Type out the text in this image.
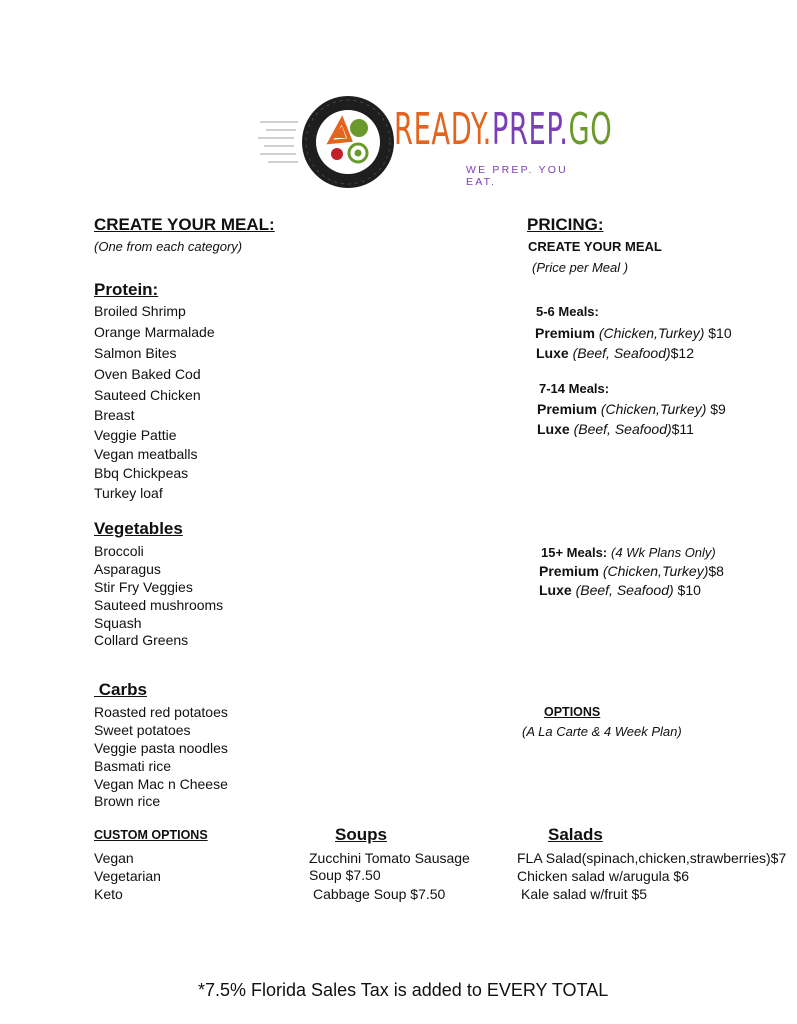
READY.PREP.GO
WE PREP. YOU EAT.
CREATE YOUR MEAL:
(One from each category)
Protein:
Broiled Shrimp
Orange Marmalade
Salmon Bites
Oven Baked Cod
Sauteed Chicken
Breast
Veggie Pattie
Vegan meatballs
Bbq Chickpeas
Turkey loaf
Vegetables
Broccoli
Asparagus
Stir Fry Veggies
Sauteed mushrooms
Squash
Collard Greens
Carbs
Roasted red potatoes
Sweet potatoes
Veggie pasta noodles
Basmati rice
Vegan Mac n Cheese
Brown rice
PRICING:
CREATE YOUR MEAL
(Price per Meal )
5-6 Meals:
Premium (Chicken,Turkey) $10
Luxe (Beef, Seafood)$12
7-14 Meals:
Premium (Chicken,Turkey) $9
Luxe (Beef, Seafood)$11
15+ Meals: (4 Wk Plans Only)
Premium (Chicken,Turkey)$8
Luxe (Beef, Seafood) $10
OPTIONS
(A La Carte & 4 Week Plan)
CUSTOM OPTIONS
Vegan
Vegetarian
Keto
Soups
Zucchini Tomato Sausage
Soup $7.50
Cabbage Soup $7.50
Salads
FLA Salad(spinach,chicken,strawberries)$7
Chicken salad w/arugula $6
Kale salad w/fruit $5
*7.5% Florida Sales Tax is added to EVERY TOTAL
